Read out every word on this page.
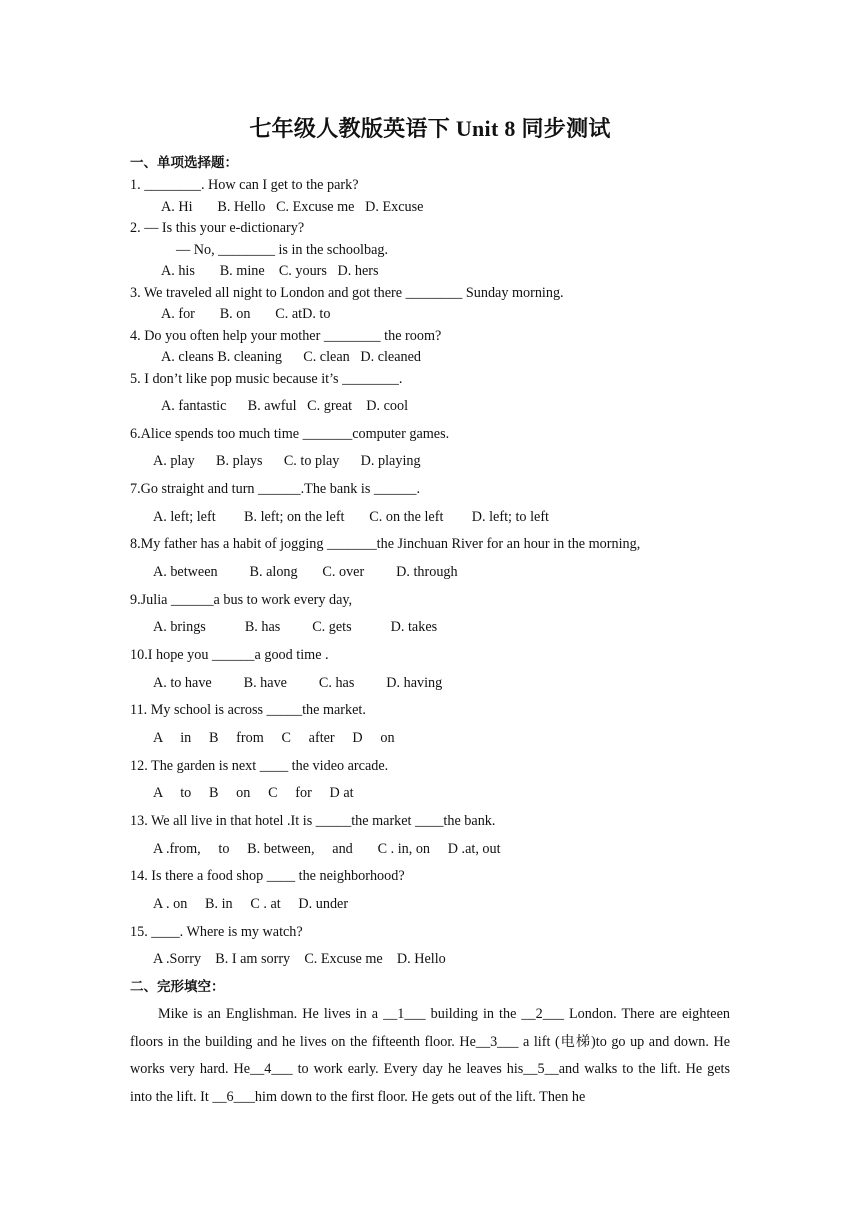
七年级人教版英语下 Unit 8 同步测试
一、单项选择题：
1. ________. How can I get to the park?
A. Hi       B. Hello   C. Excuse me   D. Excuse
2. — Is this your e-dictionary?
— No, ________ is in the schoolbag.
A. his       B. mine    C. yours   D. hers
3. We traveled all night to London and got there ________ Sunday morning.
A. for       B. on       C. atD. to
4. Do you often help your mother ________ the room?
A. cleans B. cleaning      C. clean   D. cleaned
5. I don’t like pop music because it’s ________.
A. fantastic      B. awful   C. great    D. cool
6.Alice spends too much time _______computer games.
A. play      B. plays      C. to play      D. playing
7.Go straight and turn ______.The bank is ______.
A. left; left        B. left; on the left       C. on the left        D. left; to left
8.My father has a habit of jogging _______the Jinchuan River for an hour in the morning,
A. between         B. along       C. over         D. through
9.Julia ______a bus to work every day,
A. brings           B. has         C. gets           D. takes
10.I hope you ______a good time .
A. to have         B. have         C. has         D. having
11. My school is across _____the market.
A     in     B     from     C     after     D     on
12. The garden is next ____ the video arcade.
A     to     B     on     C     for     D at
13. We all live in that hotel .It is _____the market ____the bank.
A .from,     to     B. between,     and       C . in, on     D .at, out
14. Is there a food shop ____ the neighborhood?
A . on     B. in     C . at     D. under
15. ____. Where is my watch?
A .Sorry    B. I am sorry    C. Excuse me    D. Hello
二、完形填空：
Mike is an Englishman. He lives in a __1___ building in the __2___ London. There are eighteen floors in the building and he lives on the fifteenth floor. He__3___ a lift (电梯)to go up and down. He works very hard. He__4___ to work early. Every day he leaves his__5__and walks to the lift. He gets into the lift. It __6___him down to the first floor. He gets out of the lift. Then he
